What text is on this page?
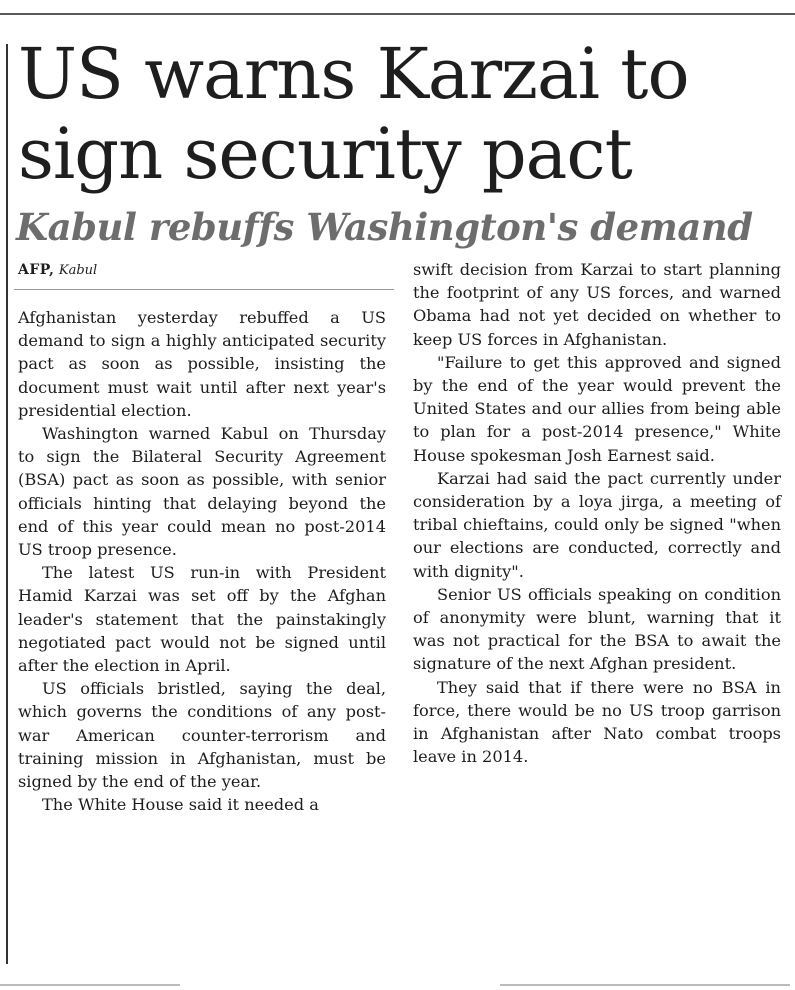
US warns Karzai to sign security pact
Kabul rebuffs Washington's demand
AFP, Kabul

Afghanistan yesterday rebuffed a US demand to sign a highly anticipated security pact as soon as possible, insisting the document must wait until after next year's presidential election.

Washington warned Kabul on Thursday to sign the Bilateral Security Agreement (BSA) pact as soon as possible, with senior officials hinting that delaying beyond the end of this year could mean no post-2014 US troop presence.

The latest US run-in with President Hamid Karzai was set off by the Afghan leader's statement that the painstakingly negotiated pact would not be signed until after the election in April.

US officials bristled, saying the deal, which governs the conditions of any post-war American counter-terrorism and training mission in Afghanistan, must be signed by the end of the year.

The White House said it needed a

swift decision from Karzai to start planning the footprint of any US forces, and warned Obama had not yet decided on whether to keep US forces in Afghanistan.

"Failure to get this approved and signed by the end of the year would prevent the United States and our allies from being able to plan for a post-2014 presence," White House spokesman Josh Earnest said.

Karzai had said the pact currently under consideration by a loya jirga, a meeting of tribal chieftains, could only be signed "when our elections are conducted, correctly and with dignity".

Senior US officials speaking on condition of anonymity were blunt, warning that it was not practical for the BSA to await the signature of the next Afghan president.

They said that if there were no BSA in force, there would be no US troop garrison in Afghanistan after Nato combat troops leave in 2014.
